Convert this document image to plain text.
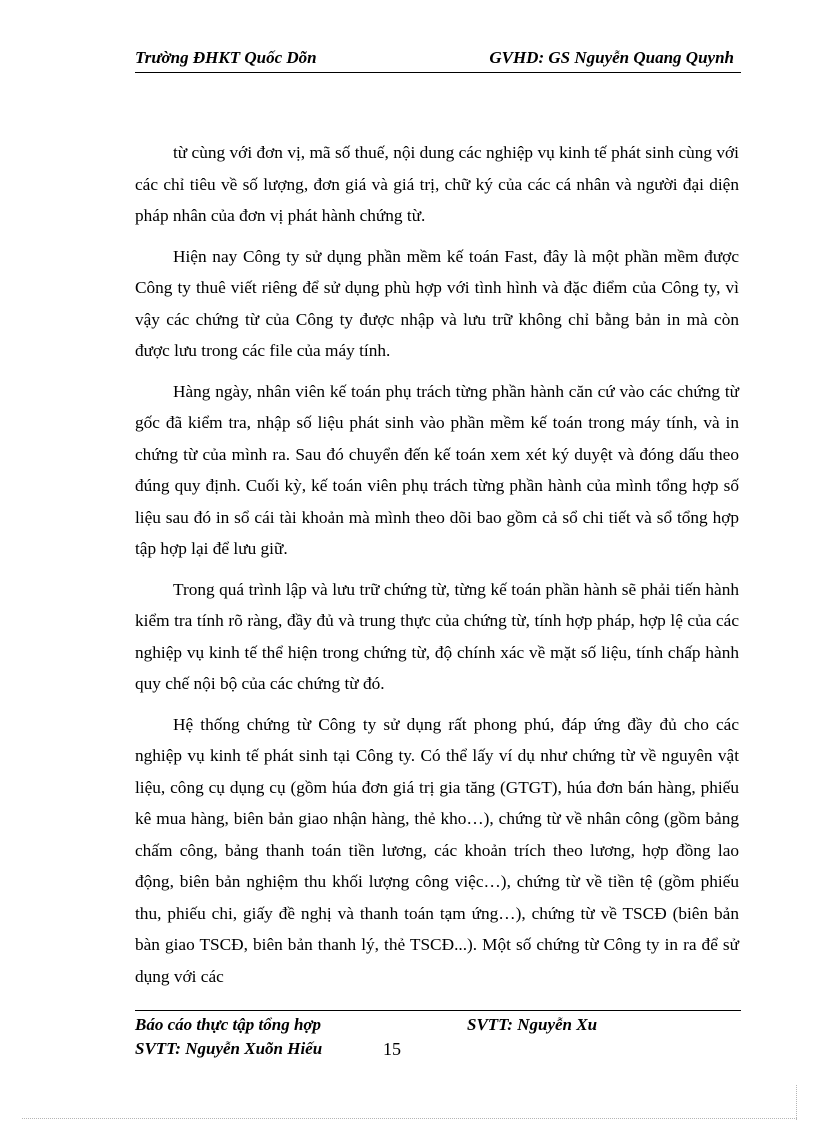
Trường ĐHKT Quốc Dõn	GVHD: GS Nguyễn Quang Quynh

từ cùng với đơn vị, mã số thuế, nội dung các nghiệp vụ kinh tế phát sinh cùng với các chỉ tiêu về số lượng, đơn giá và giá trị, chữ ký của các cá nhân và người đại diện pháp nhân của đơn vị phát hành chứng từ.

Hiện nay Công ty sử dụng phần mềm kế toán Fast, đây là một phần mềm được Công ty thuê viết riêng để sử dụng phù hợp với tình hình và đặc điểm của Công ty, vì vậy các chứng từ của Công ty được nhập và lưu trữ không chỉ bằng bản in mà còn được lưu trong các file của máy tính.

Hàng ngày, nhân viên kế toán phụ trách từng phần hành căn cứ vào các chứng từ gốc đã kiểm tra, nhập số liệu phát sinh vào phần mềm kế toán trong máy tính, và in chứng từ của mình ra. Sau đó chuyển đến kế toán xem xét ký duyệt và đóng dấu theo đúng quy định. Cuối kỳ, kế toán viên phụ trách từng phần hành của mình tổng hợp số liệu sau đó in sổ cái tài khoản mà mình theo dõi bao gồm cả sổ chi tiết và sổ tổng hợp tập hợp lại để lưu giữ.

Trong quá trình lập và lưu trữ chứng từ, từng kế toán phần hành sẽ phải tiến hành kiểm tra tính rõ ràng, đầy đủ và trung thực của chứng từ, tính hợp pháp, hợp lệ của các nghiệp vụ kinh tế thể hiện trong chứng từ, độ chính xác về mặt số liệu, tính chấp hành quy chế nội bộ của các chứng từ đó.

Hệ thống chứng từ Công ty sử dụng rất phong phú, đáp ứng đầy đủ cho các nghiệp vụ kinh tế phát sinh tại Công ty. Có thể lấy ví dụ như chứng từ về nguyên vật liệu, công cụ dụng cụ (gồm húa đơn giá trị gia tăng (GTGT), húa đơn bán hàng, phiếu kê mua hàng, biên bản giao nhận hàng, thẻ kho…), chứng từ về nhân công (gồm bảng chấm công, bảng thanh toán tiền lương, các khoản trích theo lương, hợp đồng lao động, biên bản nghiệm thu khối lượng công việc…), chứng từ về tiền tệ (gồm phiếu thu, phiếu chi, giấy đề nghị và thanh toán tạm ứng…), chứng từ về TSCĐ (biên bản bàn giao TSCĐ, biên bản thanh lý, thẻ TSCĐ...). Một số chứng từ Công ty in ra để sử dụng với các

Báo cáo thực tập tổng hợp	SVTT: Nguyễn Xu
SVTT: Nguyễn Xuõn Hiếu	15
